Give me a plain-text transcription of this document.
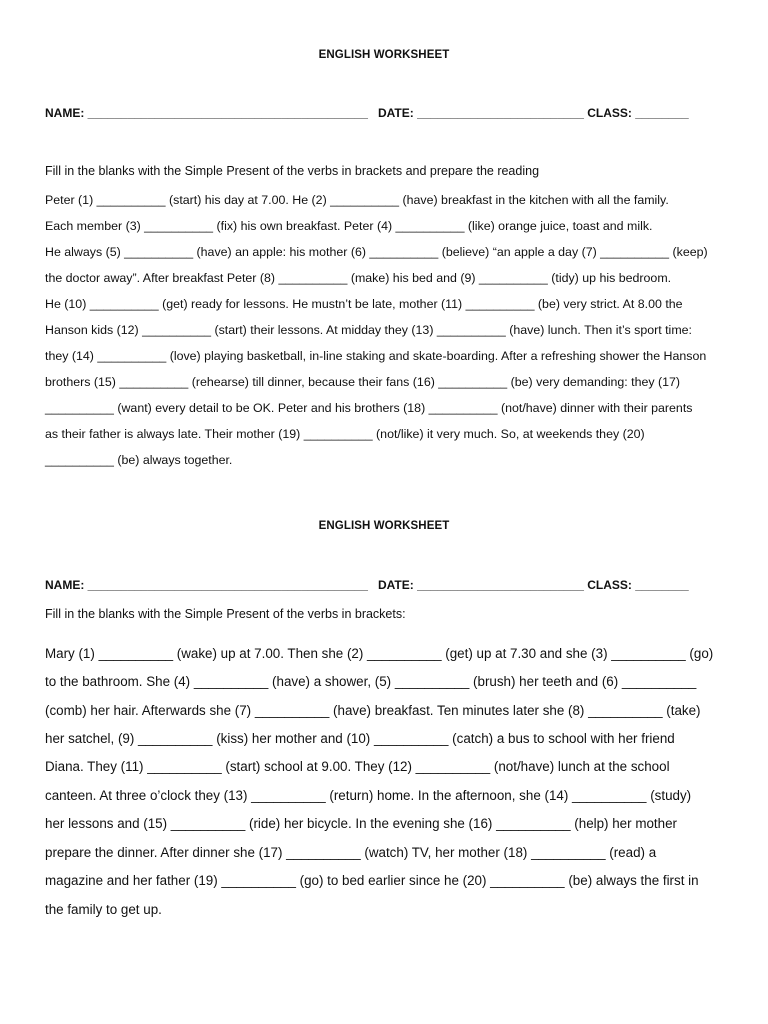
ENGLISH WORKSHEET
NAME: __________________________________________   DATE: _________________________ CLASS: ________
Fill in the blanks with the Simple Present of the verbs in brackets and prepare the reading
Peter (1) __________ (start) his day at 7.00. He (2) __________ (have) breakfast in the kitchen with all the family.
Each member (3) __________ (fix) his own breakfast. Peter (4) __________ (like) orange juice, toast and milk.
He always (5) __________ (have) an apple: his mother (6) __________ (believe) “an apple a day (7) __________ (keep)
the doctor away”. After breakfast Peter (8) __________ (make) his bed and (9) __________ (tidy) up his bedroom.
He (10) __________ (get) ready for lessons. He mustn’t be late, mother (11) __________ (be) very strict. At 8.00 the
Hanson kids (12) __________ (start) their lessons. At midday they (13) __________ (have) lunch. Then it’s sport time:
they (14) __________ (love) playing basketball, in-line staking and skate-boarding. After a refreshing shower the Hanson
brothers (15) __________ (rehearse) till dinner, because their fans (16) __________ (be) very demanding: they (17)
__________ (want) every detail to be OK. Peter and his brothers (18) __________ (not/have) dinner with their parents
as their father is always late. Their mother (19) __________ (not/like) it very much. So, at weekends they (20)
__________ (be) always together.
ENGLISH WORKSHEET
NAME: __________________________________________   DATE: _________________________ CLASS: ________
Fill in the blanks with the Simple Present of the verbs in brackets:
Mary (1) __________ (wake) up at 7.00. Then she (2) __________ (get) up at 7.30 and she (3) __________ (go)
to the bathroom. She (4) __________ (have) a shower, (5) __________ (brush) her teeth and (6) __________
(comb) her hair. Afterwards she (7) __________ (have) breakfast. Ten minutes later she (8) __________ (take)
her satchel, (9) __________ (kiss) her mother and (10) __________ (catch) a bus to school with her friend
Diana. They (11) __________ (start) school at 9.00. They (12) __________ (not/have) lunch at the school
canteen. At three o’clock they (13) __________ (return) home. In the afternoon, she (14) __________ (study)
her lessons and (15) __________ (ride) her bicycle. In the evening she (16) __________ (help) her mother
prepare the dinner. After dinner she (17) __________ (watch) TV, her mother (18) __________ (read) a
magazine and her father (19) __________ (go) to bed earlier since he (20) __________ (be) always the first in
the family to get up.
